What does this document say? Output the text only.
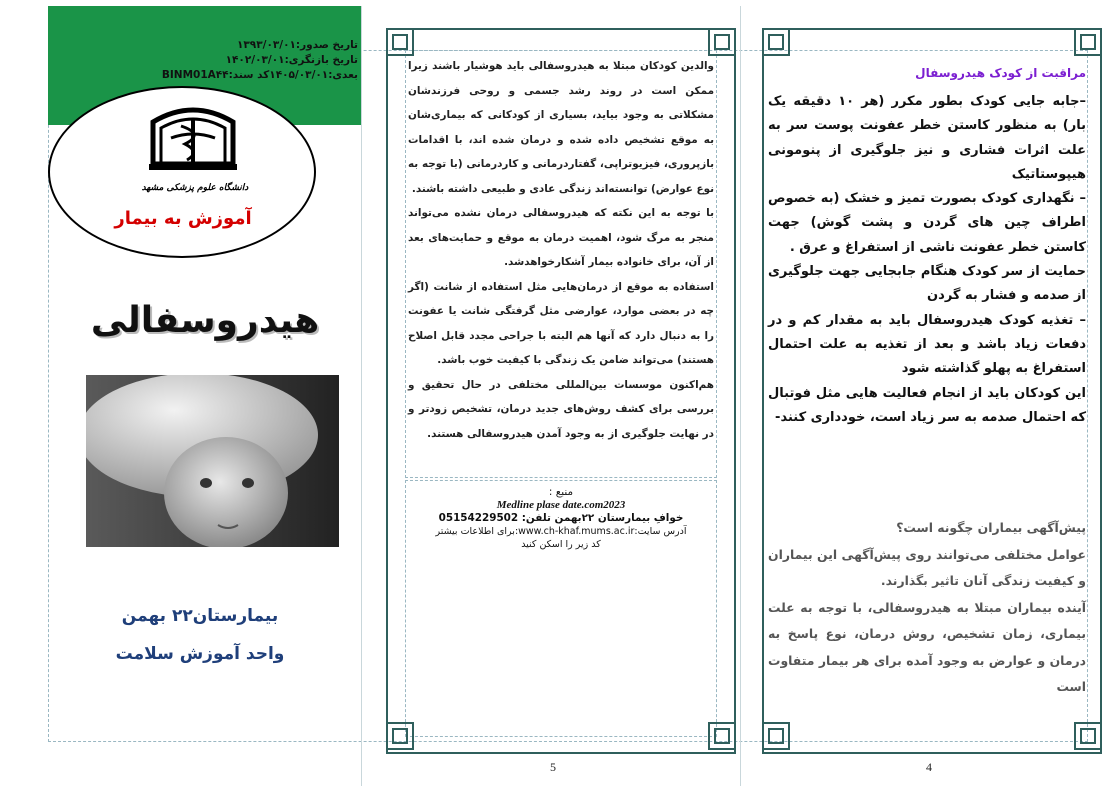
تاریخ صدور:۱۳۹۳/۰۳/۰۱
تاریخ بازنگری:۱۴۰۲/۰۳/۰۱
بعدی:۱۴۰۵/۰۳/۰۱کد سند:BINM01A۴۴
دانشگاه علوم پزشکی مشهد
آموزش به بیمار
هیدروسفالی
بیمارستان۲۲ بهمن
واحد آموزش سلامت
والدین کودکان مبتلا به هیدروسفالی باید هوشیار باشند زیرا ممکن است در روند رشد جسمی و روحی فرزندشان مشکلاتی به وجود بیاید، بسیاری از کودکانی که بیماری‌شان به موقع تشخیص داده شده و درمان شده اند، با اقدامات بازپروری، فیزیوتراپی، گفتاردرمانی و کاردرمانی (با توجه به نوع عوارض) توانسته‌اند زندگی عادی و طبیعی داشته باشند.
با توجه به این نکته که هیدروسفالی درمان نشده می‌تواند منجر به مرگ شود، اهمیت درمان به موقع و حمایت‌های بعد از آن، برای خانواده بیمار آشکارخواهدشد.
استفاده به موقع از درمان‌هایی مثل استفاده از شانت (اگر چه در بعضی موارد، عوارضی مثل گرفتگی شانت یا عفونت را به دنبال دارد که آنها هم البته با جراحی مجدد قابل اصلاح هستند) می‌تواند ضامن یک زندگی با کیفیت خوب باشد.
هم‌اکنون موسسات بین‌المللی مختلفی در حال تحقیق و بررسی برای کشف روش‌های جدید درمان، تشخیص زودتر و در نهایت جلوگیری از به وجود آمدن هیدروسفالی هستند.
منبع :
Medline plase date.com2023
خوافِ بیمارستان ۲۲بهمن تلفن: 05154229502
آدرس سایت:www.ch-khaf.mums.ac.ir:برای اطلاعات بیشتر
کد زیر را اسکن کنید
مراقبت از کودک هیدروسفال
–جابه جایی کودک بطور مکرر (هر ۱۰ دقیقه یک بار) به منظور کاستن خطر عفونت پوست سر به علت اثرات فشاری و نیز جلوگیری از پنومونی هیپوستاتیک
– نگهداری کودک بصورت تمیز و خشک (به خصوص اطراف چین های گردن و پشت گوش) جهت کاستن خطر عفونت ناشی از استفراغ و عرق .
حمایت از سر کودک هنگام جابجایی جهت جلوگیری از صدمه و فشار به گردن
– تغذیه کودک هیدروسفال باید به مقدار کم و در دفعات زیاد باشد و بعد از تغذیه به علت احتمال استفراغ به پهلو گذاشته شود
این کودکان باید از انجام فعالیت هایی مثل فوتبال که احتمال صدمه به سر زیاد است، خودداری کنند-
پیش‌آگهی بیماران چگونه است؟
عوامل مختلفی می‌توانند روی پیش‌آگهی این بیماران و کیفیت زندگی آنان تاثیر بگذارند.
آینده بیماران مبتلا به هیدروسفالی، با توجه به علت بیماری، زمان تشخیص، روش درمان، نوع پاسخ به درمان و عوارض به وجود آمده برای هر بیمار متفاوت است
5	4
